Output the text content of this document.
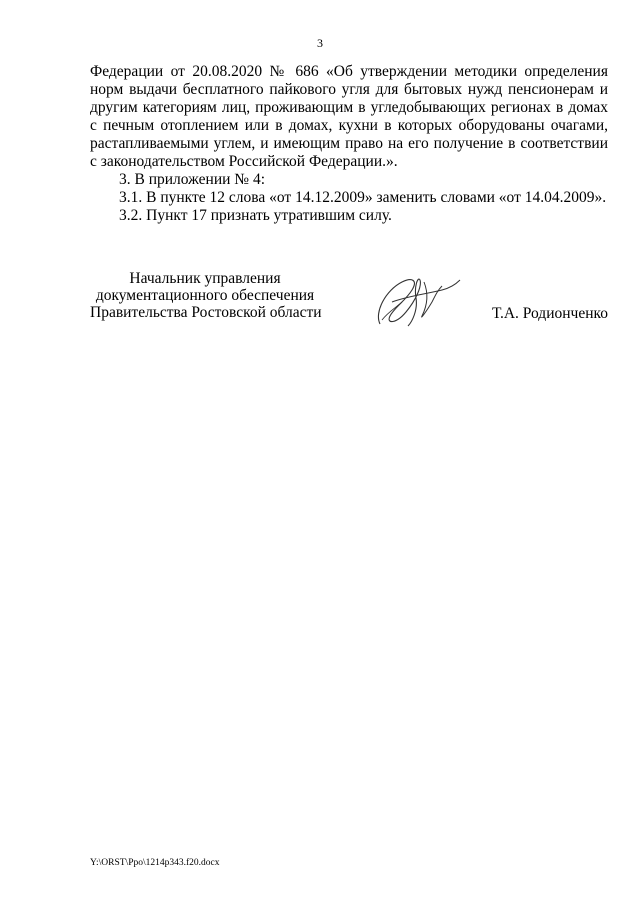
3

Федерации от 20.08.2020 № 686 «Об утверждении методики определения норм выдачи бесплатного пайкового угля для бытовых нужд пенсионерам и другим категориям лиц, проживающим в угледобывающих регионах в домах с печным отоплением или в домах, кухни в которых оборудованы очагами, растапливаемыми углем, и имеющим право на его получение в соответствии с законодательством Российской Федерации.».

3. В приложении № 4:

3.1. В пункте 12 слова «от 14.12.2009» заменить словами «от 14.04.2009».

3.2. Пункт 17 признать утратившим силу.

Начальник управления
документационного обеспечения
Правительства Ростовской области	Т.А. Родионченко
Y:\ORST\Ppo\1214p343.f20.docx
